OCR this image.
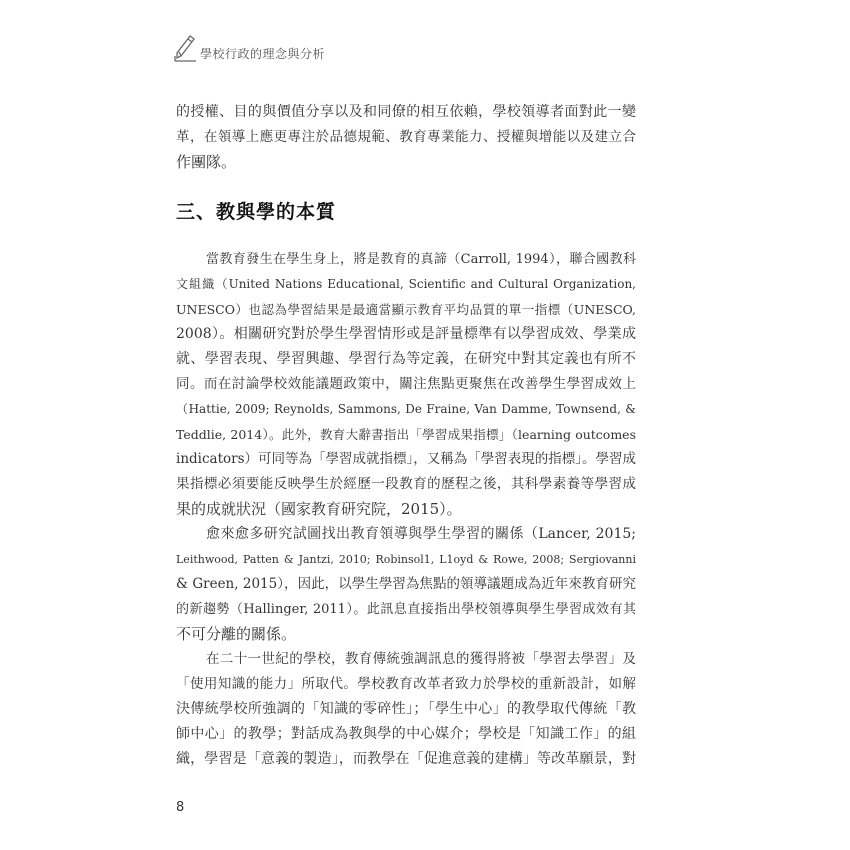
學校行政的理念與分析
的授權、目的與價值分享以及和同僚的相互依賴，學校領導者面對此一變
革，在領導上應更專注於品德規範、教育專業能力、授權與增能以及建立合
作團隊。
三、教與學的本質
當教育發生在學生身上，將是教育的真諦（Carroll, 1994），聯合國教科
文組織（United Nations Educational, Scientific and Cultural Organization,
UNESCO）也認為學習結果是最適當顯示教育平均品質的單一指標（UNESCO,
2008）。相關研究對於學生學習情形或是評量標準有以學習成效、學業成
就、學習表現、學習興趣、學習行為等定義，在研究中對其定義也有所不
同。而在討論學校效能議題政策中，關注焦點更聚焦在改善學生學習成效上
（Hattie, 2009; Reynolds, Sammons, De Fraine, Van Damme, Townsend, &
Teddlie, 2014）。此外，教育大辭書指出「學習成果指標」（learning outcomes
indicators）可同等為「學習成就指標」，又稱為「學習表現的指標」。學習成
果指標必須要能反映學生於經歷一段教育的歷程之後，其科學素養等學習成
果的成就狀況（國家教育研究院，2015）。
愈來愈多研究試圖找出教育領導與學生學習的關係（Lancer, 2015;
Leithwood, Patten & Jantzi, 2010; Robinsol1, L1oyd & Rowe, 2008; Sergiovanni
& Green, 2015），因此，以學生學習為焦點的領導議題成為近年來教育研究
的新趨勢（Hallinger, 2011）。此訊息直接指出學校領導與學生學習成效有其
不可分離的關係。
在二十一世紀的學校，教育傳統強調訊息的獲得將被「學習去學習」及
「使用知識的能力」所取代。學校教育改革者致力於學校的重新設計，如解
決傳統學校所強調的「知識的零碎性」；「學生中心」的教學取代傳統「教
師中心」的教學；對話成為教與學的中心媒介；學校是「知識工作」的組
織，學習是「意義的製造」，而教學在「促進意義的建構」等改革願景，對
8
